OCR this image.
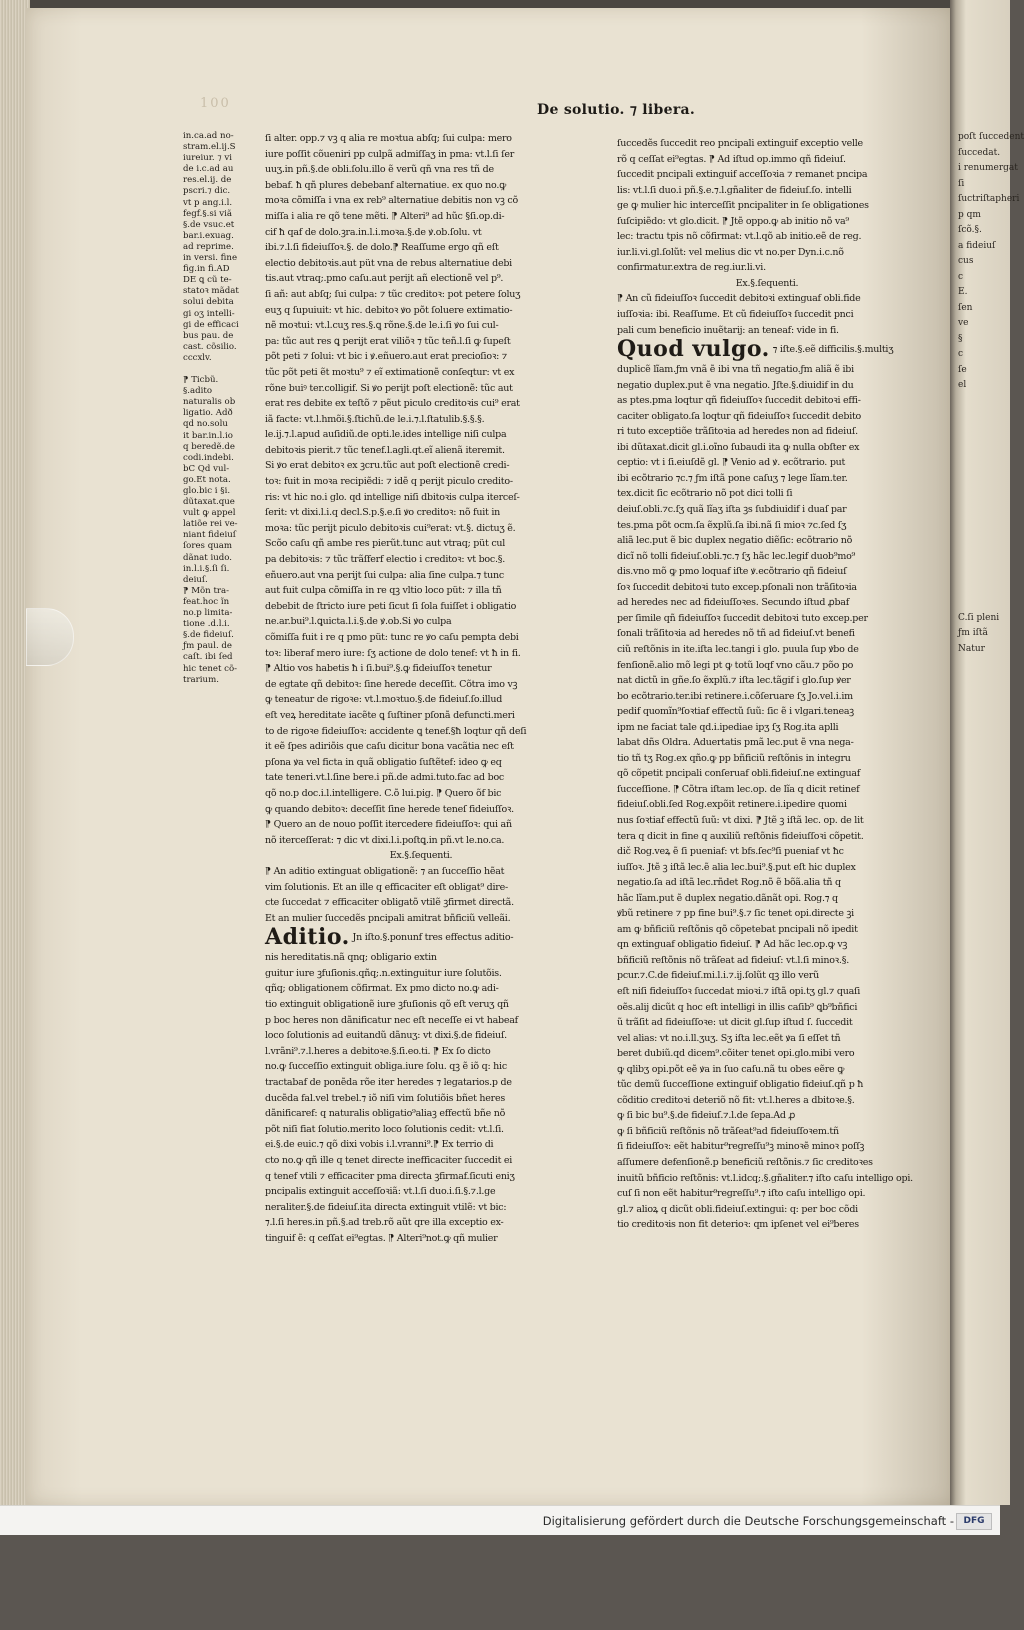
poſt ſuccedent
ſuccedat.
i renumergat
ſi
ſuctriſtapheri
p qm
ſcõ.§.
a fideiuſ
cus
c
E.
ſen
ve
§
c
ſe
el

C.ſi pleni
ƒm iſtã
Natur
100	De solutio. ⁊ libera.
in.ca.ad no-
stram.el.ij.S
iureiur. ⁊ vi
de i.c.ad au
res.el.ij. de
pscri.⁊ dic.
vt p ang.i.l.
fegf.§.si viã
§.de vsuc.et
bar.i.exuag.
ad reprime.
in versi. fine
fig.in fi.AD
DE ꝗ cũ te-
statoꝛ mãdat
solui debita
gi oʒ intelli-
gi de efficaci
bus pau. de
cast. cõsilio.
cccxlv.

⁋ Ticbũ.
§.adito
naturalis ob
ligatio. Adð
qd no.solu
it bar.in.l.io
q beredẽ.de
codi.indebi.
bC Qd vul-
go.Et nota.
glo.bic i §i.
dũtaxat.que
vult ꝙ appel
latiõe rei ve-
niant fideiuſ
ſores quam
dãnat iudo.
in.l.i.§.ſi ſi.
deiuſ.
⁋ Mõn tra-
feat.hoc ĩn
no.p limita-
tione .d.l.i.
§.de fideiuſ.
ƒm paul. de
caſt. ibi ſed
hic tenet cõ-
trarium.
ſi alter. opp.⁊ vꝫ q alia re moꝛtua abſq; ſui culpa: mero
iure poſſit cõueniri pp culpã admiſſaʒ in pma: vt.l.ſi ſer
uuʒ.in pñ.§.de obli.ſolu.illo ẽ verũ qñ vna res tñ de
bebaf. ħ qñ plures debebanf alternatiue. ex quo no.ꝙ
moꝛa cõmiſſa i vna ex reb⁹ alternatiue debitis non vꝫ cõ
miſſa i alia re qõ tene mẽti. ⁋ Alteri⁹ ad hũc §ſi.op.di-
cif ħ qaf de dolo.ꝫra.in.l.i.moꝛa.§.de ꝟ.ob.ſolu. vt
ibi.⁊.l.ſi fideiuſſoꝛ.§. de dolo.⁋ Reaſſume ergo qñ eſt
electio debitoꝛis.aut püt vna de rebus alternatiue debi
tis.aut vtraq;.pmo caſu.aut perijt añ electionẽ vel p⁹.
ſi añ: aut abſq; ſui culpa: ⁊ tũc creditoꝛ: pot petere ſoluʒ
euʒ q ſupuiuit: vt hic. debitoꝛ ꝟo põt ſoluere extimatio-
nẽ moꝛtui: vt.l.cuʒ res.§.ꝗ rõne.§.de le.i.ſi ꝟo ſui cul-
pa: tũc aut res ꝗ perijt erat viliõꝛ ⁊ tũc teñ.l.ſi ꝙ ſupeſt
põt peti ⁊ ſolui: vt bic i ꝟ.eñuero.aut erat precioſioꝛ: ⁊
tũc põt peti ẽt moꝛtu⁹ ⁊ eĩ extimationẽ conſeqtur: vt ex
rõne buiꝰ ter.colligif. Si ꝟo perijt poſt electionẽ: tũc aut
erat res debite ex teſtõ ⁊ pẽut piculo creditoꝛis cui⁹ erat
iã facte: vt.l.hmõi.§.ſtichũ.de le.i.⁊.l.ſtatulib.§.§.§.
le.ij.⁊.l.apud auſidiũ.de opti.le.ides intellige niſi culpa
debitoꝛis pierit.⁊ tũc tenef.l.agli.qt.eĩ alienã iteremit.
Si ꝟo erat debitoꝛ ex ꝫcru.tũc aut poſt electionẽ credi-
toꝛ: fuit in moꝛa recipiẽdi: ⁊ idẽ q perijt piculo credito-
ris: vt hic no.i glo. qd intellige niſi dbitoꝛis culpa iterceſ-
ſerit: vt dixi.l.i.q decl.S.p.§.e.ſi ꝟo creditoꝛ: nõ fuit in
moꝛa: tũc perijt piculo debitoꝛis cui⁹erat: vt.§. dictuʒ ẽ.
Scõo caſu qñ ambe res pierũt.tunc aut vtraq; püt cul
pa debitoꝛis: ⁊ tũc trãſferf electio i creditoꝛ: vt boc.§.
eñuero.aut vna perijt ſui culpa: alia ſine culpa.⁊ tunc
aut fuit culpa cõmiſſa in re qꝫ vltio loco püt: ⁊ illa tñ
debebit de ſtricto iure peti ſicut ſi ſola fuiſſet i obligatio
ne.ar.bui⁹.l.ꝗuicta.l.i.§.de ꝟ.ob.Si ꝟo culpa
cõmiſſa fuit i re q pmo püt: tunc re ꝟo caſu pempta debi
toꝛ: liberaf mero iure: ſʒ actione de dolo tenef: vt ħ in fi.
⁋ Altio vos habetis ħ i ſi.bui⁹.§.ꝙ fideiuſſoꝛ tenetur
de egtate qñ debitoꝛ: ſine herede deceſſit. Cõtra imo vꝫ
ꝙ teneatur de rigoꝛe: vt.l.moꝛtuo.§.de fideiuſ.ſo.illud
eſt veꝝ hereditate iacẽte ꝗ ſuſtiner pſonã defuncti.meri
to de rigoꝛe fideiuſſoꝛ: accidente ꝗ tenef.§ħ loqtur qñ deſi
it eẽ ſpes adiriõis que caſu dicitur bona vacãtia nec eſt
pſona ꝟa vel ficta in quã obligatio ſuſtẽtef: ideo ꝙ eq
tate teneri.vt.l.ſine bere.i pñ.de admi.tuto.fac ad boc
qõ no.p doc.i.l.intelligere. C.õ lui.pig. ⁋ Quero õf bic
ꝙ quando debitoꝛ: deceſſit ſine herede teneſ fideiuſſoꝛ.
⁋ Quero an de nouo poſſit itercedere fideiuſſoꝛ: qui añ
nõ iterceſſerat: ⁊ dic vt dixi.l.i.poſtꝗ.in pñ.vt le.no.ca.
Ex.§.ſequenti.
⁋ An aditio extinguat obligationẽ: ⁊ an ſucceſſio hẽat
vim ſolutionis. Et an ille q efficaciter eſt obligat⁹ dire-
cte ſuccedat ⁊ efficaciter obligatõ vtilẽ ꝫfirmet directã.
Et an mulier ſuccedẽs pncipali amitrat bñficiũ velleãi.
Aditio. Jn iſto.§.ponunf tres effectus aditio-
nis hereditatis.nã qnq; obligario extin
guitur iure ꝫfuſionis.qñq;.n.extinguitur iure ſolutõis.
qñq; obligationem cõfirmat. Ex pmo dicto no.ꝙ adi-
tio extinguit obligationẽ iure ꝫfuſionis qõ eſt veruʒ qñ
p boc heres non dãnificatur nec eſt neceſſe ei vt habeaf
loco ſolutionis ad euitandũ dãnuʒ: vt dixi.§.de fideiuſ.
l.vrãni⁹.⁊.l.heres a debitoꝛe.§.ſi.eo.ti. ⁋ Ex ſo dicto
no.ꝙ ſucceſſio extinguit obliga.iure ſolu. qꝫ ẽ iõ q: hic
tractabaf de ponẽda rõe iter heredes ⁊ legatarios.p de
ducẽda fal.vel trebel.⁊ iõ niſi vim ſolutiõis bñet heres
dãnificaref: q naturalis obligatio⁹aliaꝫ effectũ bñe nõ
põt niſi fiat ſolutio.merito loco ſolutionis cedit: vt.l.ſi.
ei.§.de euic.⁊ qõ dixi vobis i.l.vranni⁹.⁋ Ex terrio di
cto no.ꝙ qñ ille q tenet directe inefficaciter ſuccedit ei
q tenef vtili ⁊ efficaciter pma directa ꝫfirmaf.ſicuti eniʒ
pncipalis extinguit acceſſoꝛiã: vt.l.ſi duo.i.ſi.§.⁊.l.ge
neraliter.§.de fideiuſ.ita directa extinguit vtilẽ: vt bic:
⁊.l.ſi heres.in pñ.§.ad treb.rõ aũt qre illa exceptio ex-
tinguif ẽ: q ceſſat ei⁹egtas. ⁋ Alteri⁹not.ꝙ qñ mulier
ſuccedẽs ſuccedit reo pncipali extinguif exceptio velle
rõ q ceſſat ei⁹egtas. ⁋ Ad iſtud op.immo qñ fideiuſ.
ſuccedit pncipali extinguif acceſſoꝛia ⁊ remanet pncipa
lis: vt.l.ſi duo.i pñ.§.e.⁊.l.gñaliter de fideiuſ.ſo. intelli
ge ꝙ mulier hic interceſſit pncipaliter in ſe obligationes
ſuſcipiẽdo: vt glo.dicit. ⁋ Jtẽ oppo.ꝙ ab initio nõ va⁹
lec: tractu tpis nõ cõfirmat: vt.l.qõ ab initio.eẽ de reg.
iur.li.vi.gl.ſolũt: vel melius dic vt no.per Dyn.i.c.nõ
confirmatur.extra de reg.iur.li.vi.
Ex.§.ſequenti.
⁋ An cũ fideiuſſoꝛ ſuccedit debitoꝛi extinguaf obli.fide
iuſſoꝛia: ibi. Reaſſume. Et cũ fideiuſſoꝛ ſuccedit pnci
pali cum beneficio inuẽtarij: an teneaf: vide in fi.
Quod vulgo. ⁊ iſte.§.eẽ difficilis.§.multiʒ
duplicẽ lĩam.ƒm vnã ẽ ibi vna tñ negatio.ƒm aliã ẽ ibi
negatio duplex.put ẽ vna negatio. Jſte.§.diuidif in du
as ptes.pma loqtur qñ fideiuſſoꝛ ſuccedit debitoꝛi effi-
caciter obligato.ſa loqtur qñ fideiuſſoꝛ ſuccedit debito
ri tuto exceptiõe trãſitoꝛia ad heredes non ad fideiuſ.
ibi dũtaxat.dicit gl.i.oĩno ſubaudi ita ꝙ nulla obſter ex
ceptio: vt i ſi.eiuſdẽ gl. ⁋ Venio ad ꝟ. ecõtrario. put
ibi ecõtrario ⁊c.⁊ ƒm iſtã pone caſuʒ ⁊ lege lĩam.ter.
tex.dicit ſic ecõtrario nõ pot dici tolli ſi
deiuſ.obli.⁊c.ſʒ quã lĩaʒ iſta ꝫs ſubdiuidif i duaſ par
tes.pma põt ocm.ſa ẽxplũ.ſa ibi.nã ſi mioꝛ ⁊c.ſed ſʒ
aliã lec.put ẽ bic duplex negatio diẽſic: ecõtrario nõ
dicĩ nõ tolli fideiuſ.obli.⁊c.⁊ ſʒ hãc lec.legif duob⁹mo⁹
dis.vno mõ ꝙ pmo loquaf iſte ꝟ.ecõtrario qñ fideiuſ
ſoꝛ ſuccedit debitoꝛi tuto excep.pſonali non trãſitoꝛia
ad heredes nec ad fideiuſſoꝛes. Secundo iſtud ꝓbaf
per ſimile qñ fideiuſſoꝛ ſuccedit debitoꝛi tuto excep.per
ſonali trãſitoꝛia ad heredes nõ tñ ad fideiuſ.vt benefi
ciũ reſtõnis in ite.iſta lec.tangi i glo. puula ſup ꝟbo de
fenſionẽ.alio mõ legi pt ꝙ totũ loqf vno cãu.⁊ põo po
nat dictũ in gñe.ſo ẽxplũ.⁊ iſta lec.tãgif i glo.ſup ꝟer
bo ecõtrario.ter.ibi retinere.i.cõſeruare ſʒ Jo.vel.i.im
pedif quomĩn⁹ſoꝛtiaf effectũ ſuũ: ſic ẽ i vlgari.teneaꝫ
ipm ne faciat tale qd.i.ipediae ipʒ ſʒ Rog.ita aplli
labat dñs Oldra. Aduertatis pmã lec.put ẽ vna nega-
tio tñ tʒ Rog.ex qño.ꝙ pp bñficiũ reſtõnis in integru
qõ cõpetit pncipali conſeruaf obli.fideiuſ.ne extinguaf
ſucceſſione. ⁋ Cõtra iſtam lec.op. de lĩa q dicit retinef
fideiuſ.obli.ſed Rog.expõit retinere.i.ipedire quomi
nus ſoꝛtiaf effectũ ſuũ: vt dixi. ⁋ Jtẽ ꝫ iſtã lec. op. de lit
tera q dicit in fine q auxiliũ reſtõnis fideiuſſoꝛi cõpetit.
dič Rog.veꝝ ẽ ſi pueniaf: vt bfs.ſec⁹ſi pueniaf vt ħc
iuſſoꝛ. Jtẽ ꝫ iſtã lec.ẽ alia lec.bui⁹.§.put eſt hic duplex
negatio.ſa ad iſtã lec.rñdet Rog.nõ ẽ bõã.alia tñ q
hãc lĩam.put ẽ duplex negatio.dãnãt opi. Rog.⁊ q
ꝟbũ retinere ⁊ pp fine bui⁹.§.⁊ ſic tenet opi.directe ꝫi
am ꝙ bñficiũ reſtõnis qõ cõpetebat pncipali nõ ipedit
qn extinguaf obligatio fideiuſ. ⁋ Ad hãc lec.op.ꝙ vꝫ
bñficiũ reſtõnis nõ trãſeat ad fideiuſ: vt.l.ſi minoꝛ.§.
pcur.⁊.C.de fideiuſ.mi.l.i.⁊.ij.ſolũt qꝫ illo verũ
eſt niſi fideiuſſoꝛ ſuccedat mioꝛi.⁊ iſtã opi.tʒ gl.⁊ quaſi
oẽs.alij dicũt q hoc eſt intelligi in illis caſib⁹ ꝗb⁹bñfici
ũ trãſit ad fideiuſſoꝛe: ut dicit gl.ſup iſtud ſ. ſuccedit
vel alias: vt no.i.ll.ʒuʒ. Sʒ iſta lec.eẽt ꝟa ſi eſſet tñ
beret dubiũ.qd dicem⁹.cõiter tenet opi.glo.mibi vero
ꝙ qlibʒ opi.põt eẽ ꝟa in ſuo caſu.nã tu obes eẽre ꝙ
tũc demũ ſucceſſione extinguif obligatio fideiuſ.qñ p ħ
cõditio creditoꝛi deteriõ nõ fit: vt.l.heres a dbitoꝛe.§.
ꝙ ſi bic bu⁹.§.de fideiuſ.⁊.l.de ſepa.Ad ꝓ
ꝙ ſi bñficiũ reſtõnis nõ trãſeat⁹ad fideiuſſoꝛem.tñ
ſi fideiuſſoꝛ: eẽt habitur⁹regreſſu⁹ꝫ minoꝛẽ minoꝛ poſſꝫ
aſſumere defenſionẽ.p beneficiũ reſtõnis.⁊ ſic creditoꝛes
inuitũ bñficio reſtõnis: vt.l.idcq;.§.gñaliter.⁊ iſto caſu intelligo opi.
cuſ ſi non eẽt habitur⁹regreſſu⁹.⁊ iſto caſu intelligo opi.
gl.⁊ alioꝝ q dicũt obli.fideiuſ.extingui: q: per boc cõdi
tio creditoꝛis non fit deterioꝛ: qm ipſenet vel ei⁹beres
Digitalisierung gefördert durch die Deutsche Forschungsgemeinschaft -	DFG
